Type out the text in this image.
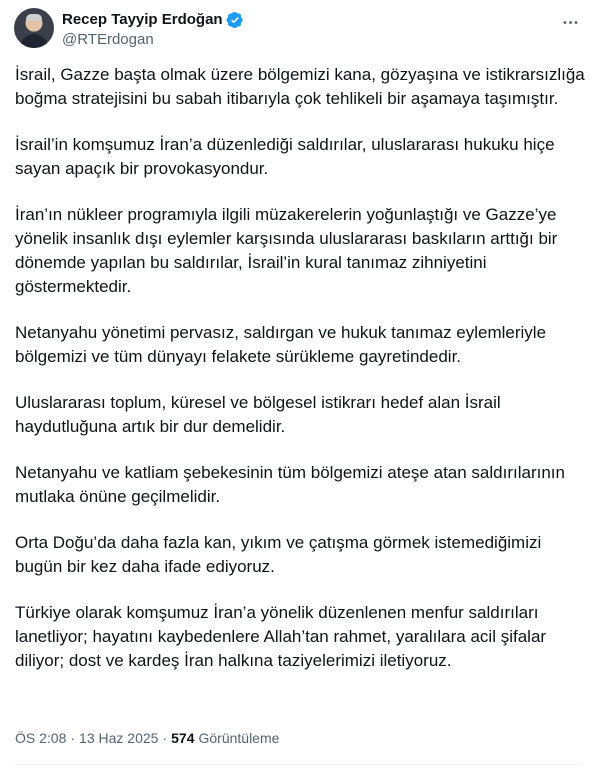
Recep Tayyip Erdoğan
@RTErdogan

İsrail, Gazze başta olmak üzere bölgemizi kana, gözyaşına ve istikrarsızlığa boğma stratejisini bu sabah itibarıyla çok tehlikeli bir aşamaya taşımıştır.

İsrail’in komşumuz İran’a düzenlediği saldırılar, uluslararası hukuku hiçe sayan apaçık bir provokasyondur.

İran’ın nükleer programıyla ilgili müzakerelerin yoğunlaştığı ve Gazze’ye yönelik insanlık dışı eylemler karşısında uluslararası baskıların arttığı bir dönemde yapılan bu saldırılar, İsrail’in kural tanımaz zihniyetini göstermektedir.

Netanyahu yönetimi pervasız, saldırgan ve hukuk tanımaz eylemleriyle bölgemizi ve tüm dünyayı felakete sürükleme gayretindedir.

Uluslararası toplum, küresel ve bölgesel istikrarı hedef alan İsrail haydutluğuna artık bir dur demelidir.

Netanyahu ve katliam şebekesinin tüm bölgemizi ateşe atan saldırılarının mutlaka önüne geçilmelidir.

Orta Doğu’da daha fazla kan, yıkım ve çatışma görmek istemediğimizi bugün bir kez daha ifade ediyoruz.

Türkiye olarak komşumuz İran’a yönelik düzenlenen menfur saldırıları lanetliyor; hayatını kaybedenlere Allah’tan rahmet, yaralılara acil şifalar diliyor; dost ve kardeş İran halkına taziyelerimizi iletiyoruz.

ÖS 2:08 · 13 Haz 2025 · 574 Görüntüleme
